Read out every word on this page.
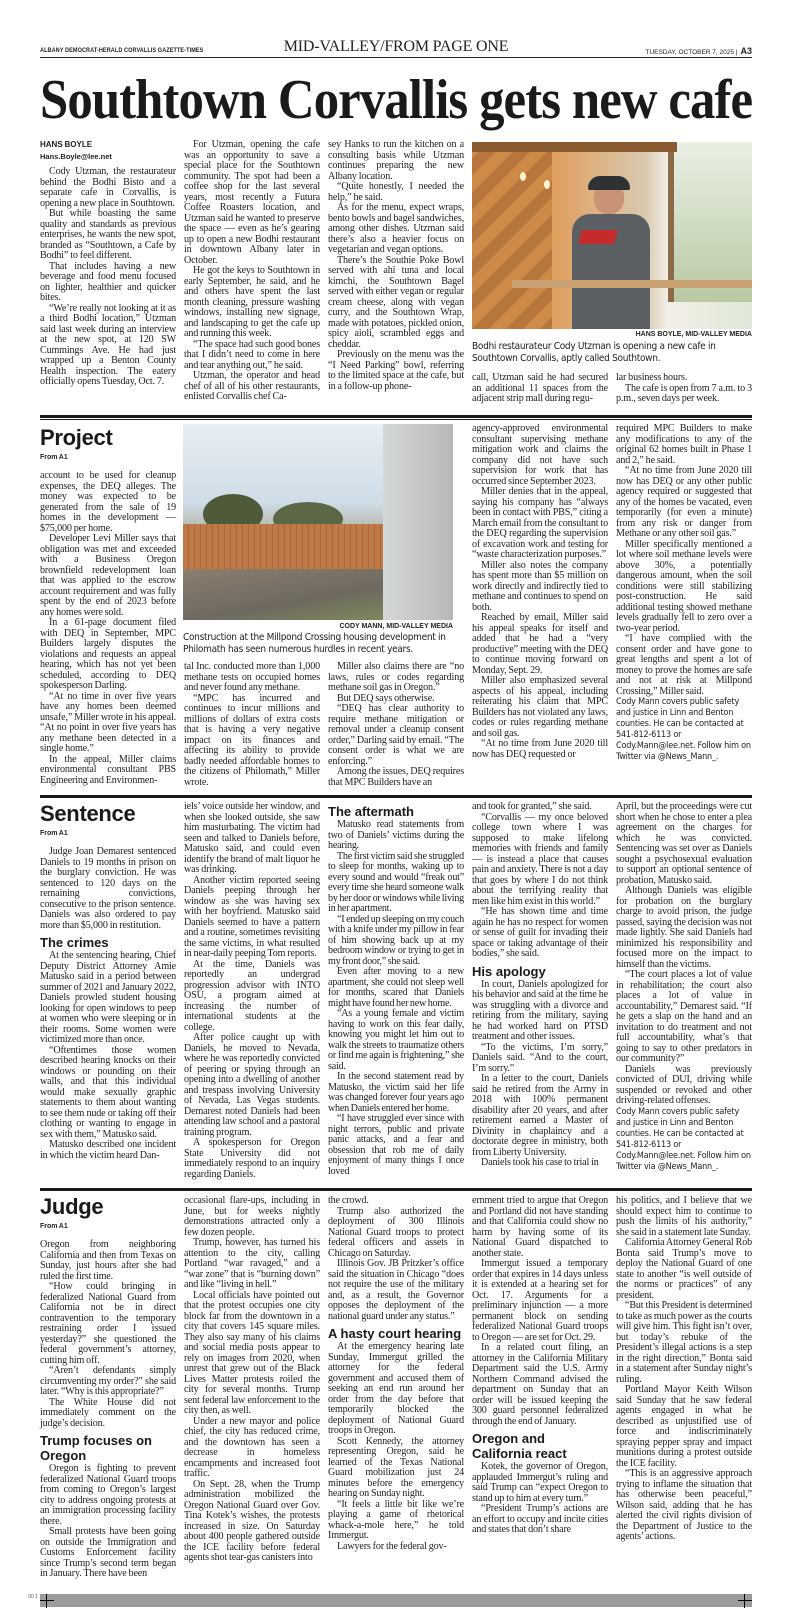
ALBANY DEMOCRAT-HERALD CORVALLIS GAZETTE-TIMES	MID-VALLEY/FROM PAGE ONE	TUESDAY, OCTOBER 7, 2025 | A3
Southtown Corvallis gets new cafe
HANS BOYLE
Hans.Boyle@lee.net

Cody Utzman, the restaurateur behind the Bodhi Bisto and a separate cafe in Corvallis, is opening a new place in Southtown.

But while boasting the same quality and standards as previous enterprises, he wants the new spot, branded as “Southtown, a Cafe by Bodhi” to feel different.

That includes having a new beverage and food menu focused on lighter, healthier and quicker bites.

“We’re really not looking at it as a third Bodhi location,” Utzman said last week during an interview at the new spot, at 120 SW Cummings Ave. He had just wrapped up a Benton County Health inspection. The eatery officially opens Tuesday, Oct. 7.

For Utzman, opening the cafe was an opportunity to save a special place for the Southtown community. The spot had been a coffee shop for the last several years, most recently a Futura Coffee Roasters location, and Utzman said he wanted to preserve the space — even as he’s gearing up to open a new Bodhi restaurant in downtown Albany later in October.

He got the keys to Southtown in early September, he said, and he and others have spent the last month cleaning, pressure washing windows, installing new signage, and landscaping to get the cafe up and running this week.

“The space had such good bones that I didn’t need to come in here and tear anything out,” he said.

Utzman, the operator and head chef of all of his other restaurants, enlisted Corvallis chef Ca-

sey Hanks to run the kitchen on a consulting basis while Utzman continues preparing the new Albany location.

“Quite honestly, I needed the help,” he said.

As for the menu, expect wraps, bento bowls and bagel sandwiches, among other dishes. Utzman said there’s also a heavier focus on vegetarian and vegan options.

There’s the Southie Poke Bowl served with ahi tuna and local kimchi, the Southtown Bagel served with either vegan or regular cream cheese, along with vegan curry, and the Southtown Wrap, made with potatoes, pickled onion, spicy aioli, scrambled eggs and cheddar.

Previously on the menu was the “I Need Parking” bowl, referring to the limited space at the cafe, but in a follow-up phone-

HANS BOYLE, MID-VALLEY MEDIA
Bodhi restaurateur Cody Utzman is opening a new cafe in Southtown Corvallis, aptly called Southtown.

call, Utzman said he had secured an additional 11 spaces from the adjacent strip mall during regu-

lar business hours.

The cafe is open from 7 a.m. to 3 p.m., seven days per week.

Project
From A1

account to be used for cleanup expenses, the DEQ alleges. The money was expected to be generated from the sale of 19 homes in the development — $75,000 per home.

Developer Levi Miller says that obligation was met and exceeded with a Business Oregon brownfield redevelopment loan that was applied to the escrow account requirement and was fully spent by the end of 2023 before any homes were sold.

In a 61-page document filed with DEQ in September, MPC Builders largely disputes the violations and requests an appeal hearing, which has not yet been scheduled, according to DEQ spokesperson Darling.

“At no time in over five years have any homes been deemed unsafe,” Miller wrote in his appeal. “At no point in over five years has any methane been detected in a single home.”

In the appeal, Miller claims environmental consultant PBS Engineering and Environmen-

CODY MANN, MID-VALLEY MEDIA
Construction at the Millpond Crossing housing development in Philomath has seen numerous hurdles in recent years.

tal Inc. conducted more than 1,000 methane tests on occupied homes and never found any methane.

“MPC has incurred and continues to incur millions and millions of dollars of extra costs that is having a very negative impact on its finances and affecting its ability to provide badly needed affordable homes to the citizens of Philomath,” Miller wrote.

Miller also claims there are “no laws, rules or codes regarding methane soil gas in Oregon.”

But DEQ says otherwise.

“DEQ has clear authority to require methane mitigation or removal under a cleanup consent order,” Darling said by email. “The consent order is what we are enforcing.”

Among the issues, DEQ requires that MPC Builders have an

agency-approved environmental consultant supervising methane mitigation work and claims the company did not have such supervision for work that has occurred since September 2023.

Miller denies that in the appeal, saying his company has “always been in contact with PBS,” citing a March email from the consultant to the DEQ regarding the supervision of excavation work and testing for “waste characterization purposes.”

Miller also notes the company has spent more than $5 million on work directly and indirectly tied to methane and continues to spend on both.

Reached by email, Miller said his appeal speaks for itself and added that he had a “very productive” meeting with the DEQ to continue moving forward on Monday, Sept. 29.

Miller also emphasized several aspects of his appeal, including reiterating his claim that MPC Builders has not violated any laws, codes or rules regarding methane and soil gas.

“At no time from June 2020 till now has DEQ requested or

required MPC Builders to make any modifications to any of the original 62 homes built in Phase 1 and 2,” he said.

“At no time from June 2020 till now has DEQ or any other public agency required or suggested that any of the homes be vacated, even temporarily (for even a minute) from any risk or danger from Methane or any other soil gas.”

Miller specifically mentioned a lot where soil methane levels were above 30%, a potentially dangerous amount, when the soil conditions were still stabilizing post-construction. He said additional testing showed methane levels gradually fell to zero over a two-year period.

“I have complied with the consent order and have gone to great lengths and spent a lot of money to prove the homes are safe and not at risk at Millpond Crossing,” Miller said.

Cody Mann covers public safety and justice in Linn and Benton counties. He can be contacted at 541-812-6113 or Cody.Mann@lee.net. Follow him on Twitter via @News_Mann_.

Sentence
From A1

Judge Joan Demarest sentenced Daniels to 19 months in prison on the burglary conviction. He was sentenced to 120 days on the remaining convictions, consecutive to the prison sentence. Daniels was also ordered to pay more than $5,000 in restitution.

The crimes

At the sentencing hearing, Chief Deputy District Attorney Amie Matusko said in a period between summer of 2021 and January 2022, Daniels prowled student housing looking for open windows to peep at women who were sleeping or in their rooms. Some women were victimized more than once.

“Oftentimes those women described hearing knocks on their windows or pounding on their walls, and that this individual would make sexually graphic statements to them about wanting to see them nude or taking off their clothing or wanting to engage in sex with them,” Matusko said.

Matusko described one incident in which the victim heard Dan-

iels’ voice outside her window, and when she looked outside, she saw him masturbating. The victim had seen and talked to Daniels before, Matusko said, and could even identify the brand of malt liquor he was drinking.

Another victim reported seeing Daniels peeping through her window as she was having sex with her boyfriend. Matusko said Daniels seemed to have a pattern and a routine, sometimes revisiting the same victims, in what resulted in near-daily peeping Tom reports.

At the time, Daniels was reportedly an undergrad progression advisor with INTO OSU, a program aimed at increasing the number of international students at the college.

After police caught up with Daniels, he moved to Nevada, where he was reportedly convicted of peering or spying through an opening into a dwelling of another and trespass involving University of Nevada, Las Vegas students. Demarest noted Daniels had been attending law school and a pastoral training program.

A spokesperson for Oregon State University did not immediately respond to an inquiry regarding Daniels.

The aftermath

Matusko read statements from two of Daniels’ victims during the hearing.

The first victim said she struggled to sleep for months, waking up to every sound and would “freak out” every time she heard someone walk by her door or windows while living in her apartment.

“I ended up sleeping on my couch with a knife under my pillow in fear of him showing back up at my bedroom window or trying to get in my front door,” she said.

Even after moving to a new apartment, she could not sleep well for months, scared that Daniels might have found her new home.

“As a young female and victim having to work on this fear daily, knowing you might let him out to walk the streets to traumatize others or find me again is frightening,” she said.

In the second statement read by Matusko, the victim said her life was changed forever four years ago when Daniels entered her home.

“I have struggled ever since with night terrors, public and private panic attacks, and a fear and obsession that rob me of daily enjoyment of many things I once loved

and took for granted,” she said.

“Corvallis — my once beloved college town where I was supposed to make lifelong memories with friends and family — is instead a place that causes pain and anxiety. There is not a day that goes by where I do not think about the terrifying reality that men like him exist in this world.”

“He has shown time and time again he has no respect for women or sense of guilt for invading their space or taking advantage of their bodies,” she said.

His apology

In court, Daniels apologized for his behavior and said at the time he was struggling with a divorce and retiring from the military, saying he had worked hard on PTSD treatment and other issues.

“To the victims, I’m sorry,” Daniels said. “And to the court, I’m sorry.”

In a letter to the court, Daniels said he retired from the Army in 2018 with 100% permanent disability after 20 years, and after retirement earned a Master of Divinity in chaplaincy and a doctorate degree in ministry, both from Liberty University.

Daniels took his case to trial in

April, but the proceedings were cut short when he chose to enter a plea agreement on the charges for which he was convicted. Sentencing was set over as Daniels sought a psychosexual evaluation to support an optional sentence of probation, Matusko said.

Although Daniels was eligible for probation on the burglary charge to avoid prison, the judge passed, saying the decision was not made lightly. She said Daniels had minimized his responsibility and focused more on the impact to himself than the victims.

“The court places a lot of value in rehabilitation; the court also places a lot of value in accountability,” Demarest said. “If he gets a slap on the hand and an invitation to do treatment and not full accountability, what’s that going to say to other predators in our community?”

Daniels was previously convicted of DUI, driving while suspended or revoked and other driving-related offenses.

Cody Mann covers public safety and justice in Linn and Benton counties. He can be contacted at 541-812-6113 or Cody.Mann@lee.net. Follow him on Twitter via @News_Mann_.

Judge
From A1

Oregon from neighboring California and then from Texas on Sunday, just hours after she had ruled the first time.

“How could bringing in federalized National Guard from California not be in direct contravention to the temporary restraining order I issued yesterday?” she questioned the federal government’s attorney, cutting him off.

“Aren’t defendants simply circumventing my order?” she said later. “Why is this appropriate?”

The White House did not immediately comment on the judge’s decision.

Trump focuses on Oregon

Oregon is fighting to prevent federalized National Guard troops from coming to Oregon’s largest city to address ongoing protests at an immigration processing facility there.

Small protests have been going on outside the Immigration and Customs Enforcement facility since Trump’s second term began in January. There have been

occasional flare-ups, including in June, but for weeks nightly demonstrations attracted only a few dozen people.

Trump, however, has turned his attention to the city, calling Portland “war ravaged,” and a “war zone” that is “burning down” and like “living in hell.”

Local officials have pointed out that the protest occupies one city block far from the downtown in a city that covers 145 square miles. They also say many of his claims and social media posts appear to rely on images from 2020, when unrest that grew out of the Black Lives Matter protests roiled the city for several months. Trump sent federal law enforcement to the city then, as well.

Under a new mayor and police chief, the city has reduced crime, and the downtown has seen a decrease in homeless encampments and increased foot traffic.

On Sept. 28, when the Trump administration mobilized the Oregon National Guard over Gov. Tina Kotek’s wishes, the protests increased in size. On Saturday about 400 people gathered outside the ICE facility before federal agents shot tear-gas canisters into

the crowd.

Trump also authorized the deployment of 300 Illinois National Guard troops to protect federal officers and assets in Chicago on Saturday.

Illinois Gov. JB Pritzker’s office said the situation in Chicago “does not require the use of the military and, as a result, the Governor opposes the deployment of the national guard under any status.”

A hasty court hearing

At the emergency hearing late Sunday, Immergut grilled the attorney for the federal government and accused them of seeking an end run around her order from the day before that temporarily blocked the deployment of National Guard troops in Oregon.

Scott Kennedy, the attorney representing Oregon, said he learned of the Texas National Guard mobilization just 24 minutes before the emergency hearing on Sunday night.

“It feels a little bit like we’re playing a game of rhetorical whack-a-mole here,” he told Immergut.

Lawyers for the federal gov-

ernment tried to argue that Oregon and Portland did not have standing and that California could show no harm by having some of its National Guard dispatched to another state.

Immergut issued a temporary order that expires in 14 days unless it is extended at a hearing set for Oct. 17. Arguments for a preliminary injunction — a more permanent block on sending federalized National Guard troops to Oregon — are set for Oct. 29.

In a related court filing, an attorney in the California Military Department said the U.S. Army Northern Command advised the department on Sunday that an order will be issued keeping the 300 guard personnel federalized through the end of January.

Oregon and California react

Kotek, the governor of Oregon, applauded Immergut’s ruling and said Trump can “expect Oregon to stand up to him at every turn.”

“President Trump’s actions are an effort to occupy and incite cities and states that don’t share

his politics, and I believe that we should expect him to continue to push the limits of his authority,” she said in a statement late Sunday.

California Attorney General Rob Bonta said Trump’s move to deploy the National Guard of one state to another “is well outside of the norms or practices” of any president.

“But this President is determined to take as much power as the courts will give him. This fight isn’t over, but today’s rebuke of the President’s illegal actions is a step in the right direction,” Bonta said in a statement after Sunday night’s ruling.

Portland Mayor Keith Wilson said Sunday that he saw federal agents engaged in what he described as unjustified use of force and indiscriminately spraying pepper spray and impact munitions during a protest outside the ICE facility.

“This is an aggressive approach trying to inflame the situation that has otherwise been peaceful,” Wilson said, adding that he has alerted the civil rights division of the Department of Justice to the agents’ actions.

00 1
